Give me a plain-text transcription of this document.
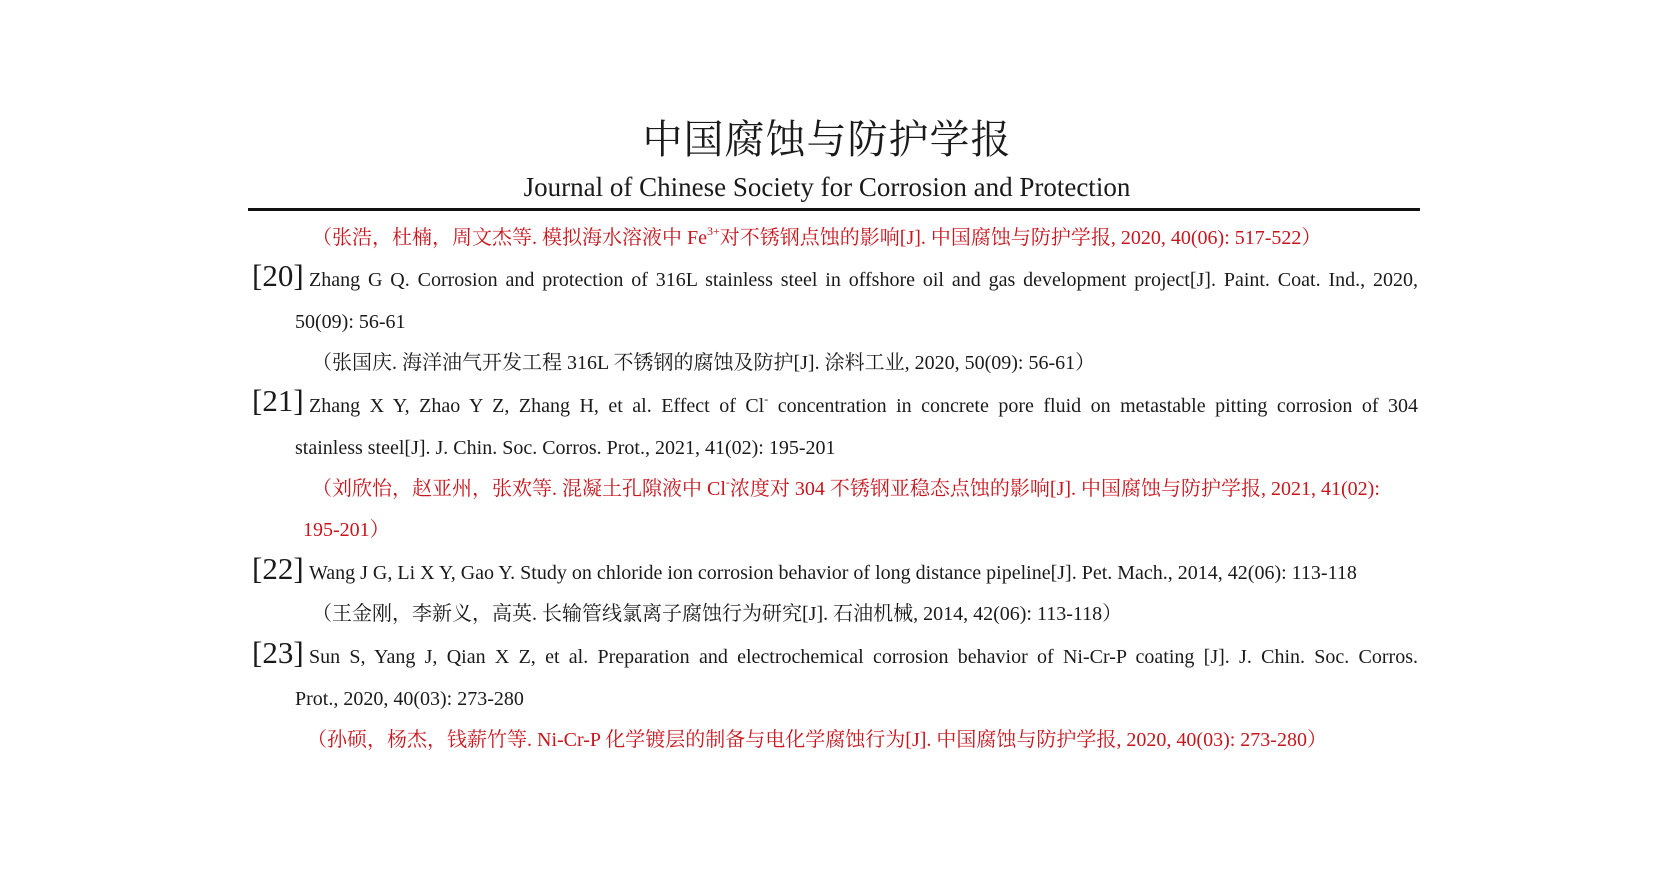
中国腐蚀与防护学报
Journal of Chinese Society for Corrosion and Protection
（张浩，杜楠，周文杰等. 模拟海水溶液中 $Fe^{3+}$对不锈钢点蚀的影响[J]. 中国腐蚀与防护学报, 2020, 40(06): 517-522）
[20] Zhang G Q. Corrosion and protection of 316L stainless steel in offshore oil and gas development project[J]. Paint. Coat. Ind., 2020,
50(09): 56-61
（张国庆. 海洋油气开发工程 316L 不锈钢的腐蚀及防护[J]. 涂料工业, 2020, 50(09): 56-61）
[21] Zhang X Y, Zhao Y Z, Zhang H, et al. Effect of Cl- concentration in concrete pore fluid on metastable pitting corrosion of 304
stainless steel[J]. J. Chin. Soc. Corros. Prot., 2021, 41(02): 195-201
（刘欣怡，赵亚州，张欢等. 混凝土孔隙液中 Cl-浓度对 304 不锈钢亚稳态点蚀的影响[J]. 中国腐蚀与防护学报, 2021, 41(02):
195-201）
[22] Wang J G, Li X Y, Gao Y. Study on chloride ion corrosion behavior of long distance pipeline[J]. Pet. Mach., 2014, 42(06): 113-118
（王金刚，李新义，高英. 长输管线氯离子腐蚀行为研究[J]. 石油机械, 2014, 42(06): 113-118）
[23] Sun S, Yang J, Qian X Z, et al. Preparation and electrochemical corrosion behavior of Ni-Cr-P coating [J]. J. Chin. Soc. Corros.
Prot., 2020, 40(03): 273-280
（孙硕，杨杰，钱薪竹等. Ni-Cr-P 化学镀层的制备与电化学腐蚀行为[J]. 中国腐蚀与防护学报, 2020, 40(03): 273-280）
